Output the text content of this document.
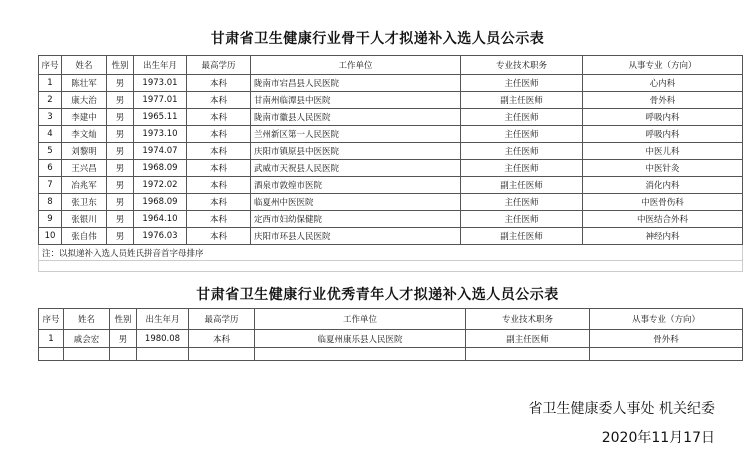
甘肃省卫生健康行业骨干人才拟递补入选人员公示表
序号	姓名	性别	出生年月	最高学历	工作单位	专业技术职务	从事专业（方向）
1	陈壮军	男	1973.01	本科	陇南市宕昌县人民医院	主任医师	心内科
2	康大治	男	1977.01	本科	甘南州临潭县中医院	副主任医师	骨外科
3	李建中	男	1965.11	本科	陇南市徽县人民医院	主任医师	呼吸内科
4	李文灿	男	1973.10	本科	兰州新区第一人民医院	主任医师	呼吸内科
5	刘黎明	男	1974.07	本科	庆阳市镇原县中医医院	主任医师	中医儿科
6	王兴昌	男	1968.09	本科	武威市天祝县人民医院	主任医师	中医针灸
7	冶兆军	男	1972.02	本科	酒泉市敦煌市医院	副主任医师	消化内科
8	张卫东	男	1968.09	本科	临夏州中医医院	主任医师	中医骨伤科
9	张银川	男	1964.10	本科	定西市妇幼保健院	主任医师	中医结合外科
10	张自伟	男	1976.03	本科	庆阳市环县人民医院	副主任医师	神经内科
注：以拟递补入选人员姓氏拼音首字母排序							

甘肃省卫生健康行业优秀青年人才拟递补入选人员公示表
序号	姓名	性别	出生年月	最高学历	工作单位	专业技术职务	从事专业（方向）
1	戚会宏	男	1980.08	本科	临夏州康乐县人民医院	副主任医师	骨外科

省卫生健康委人事处 机关纪委
2020年11月17日
